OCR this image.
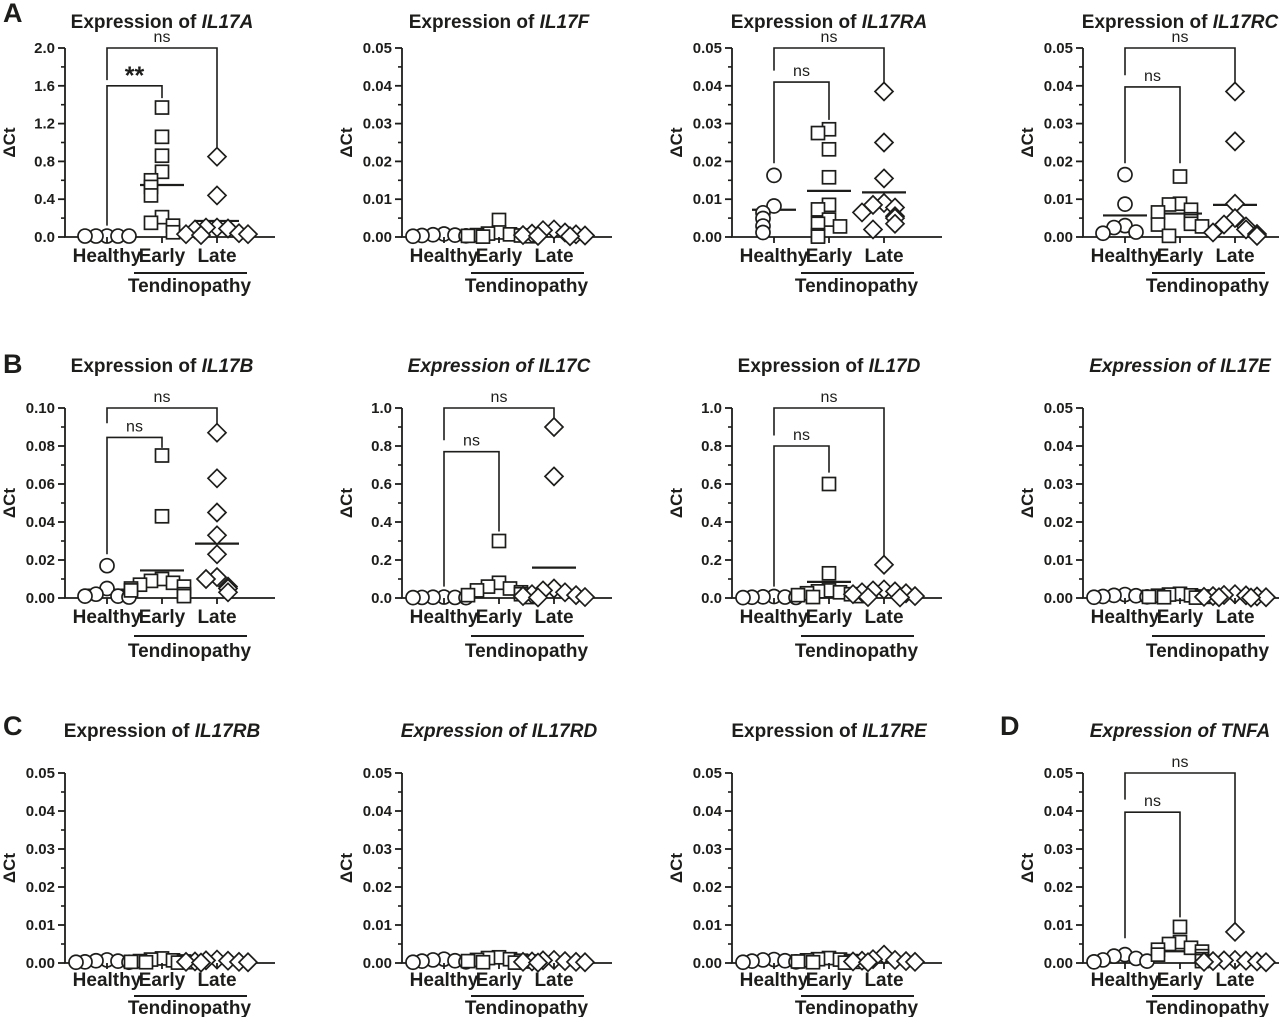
A	Expression of IL17A
0.0
0.4
0.8
1.2
1.6
2.0
ΔCt
**
ns
Healthy
Early Late
Tendinopathy
Expression of IL17F
0.00
0.01
0.02
0.03
0.04
0.05
ΔCt
Healthy
Early Late
Tendinopathy
Expression of IL17RA
0.00
0.01
0.02
0.03
0.04
0.05
ΔCt
ns
ns
Healthy
Early Late
Tendinopathy
Expression of IL17RC
0.00
0.01
0.02
0.03
0.04
0.05
ΔCt
ns
ns
Healthy
Early Late
Tendinopathy
B	Expression of IL17B
0.00
0.02
0.04
0.06
0.08
0.10
ΔCt
ns
ns
Healthy
Early Late
Tendinopathy
Expression of IL17C
0.0
0.2
0.4
0.6
0.8
1.0
ΔCt
ns
ns
Healthy
Early Late
Tendinopathy
Expression of IL17D
0.0
0.2
0.4
0.6
0.8
1.0
ΔCt
ns
ns
Healthy
Early Late
Tendinopathy
Expression of IL17E
0.00
0.01
0.02
0.03
0.04
0.05
ΔCt
Healthy
Early Late
Tendinopathy
C Expression of IL17RB
0.00
0.01
0.02
0.03
0.04
0.05
ΔCt
Healthy
Early Late
Tendinopathy
Expression of IL17RD
0.00
0.01
0.02
0.03
0.04
0.05
ΔCt
Healthy
Early Late
Tendinopathy
Expression of IL17RE
0.00
0.01
0.02
0.03
0.04
0.05
ΔCt
Healthy
Early Late
Tendinopathy
D	Expression of TNFA
0.00
0.01
0.02
0.03
0.04
0.05
ΔCt
ns
ns
Healthy
Early Late
Tendinopathy
